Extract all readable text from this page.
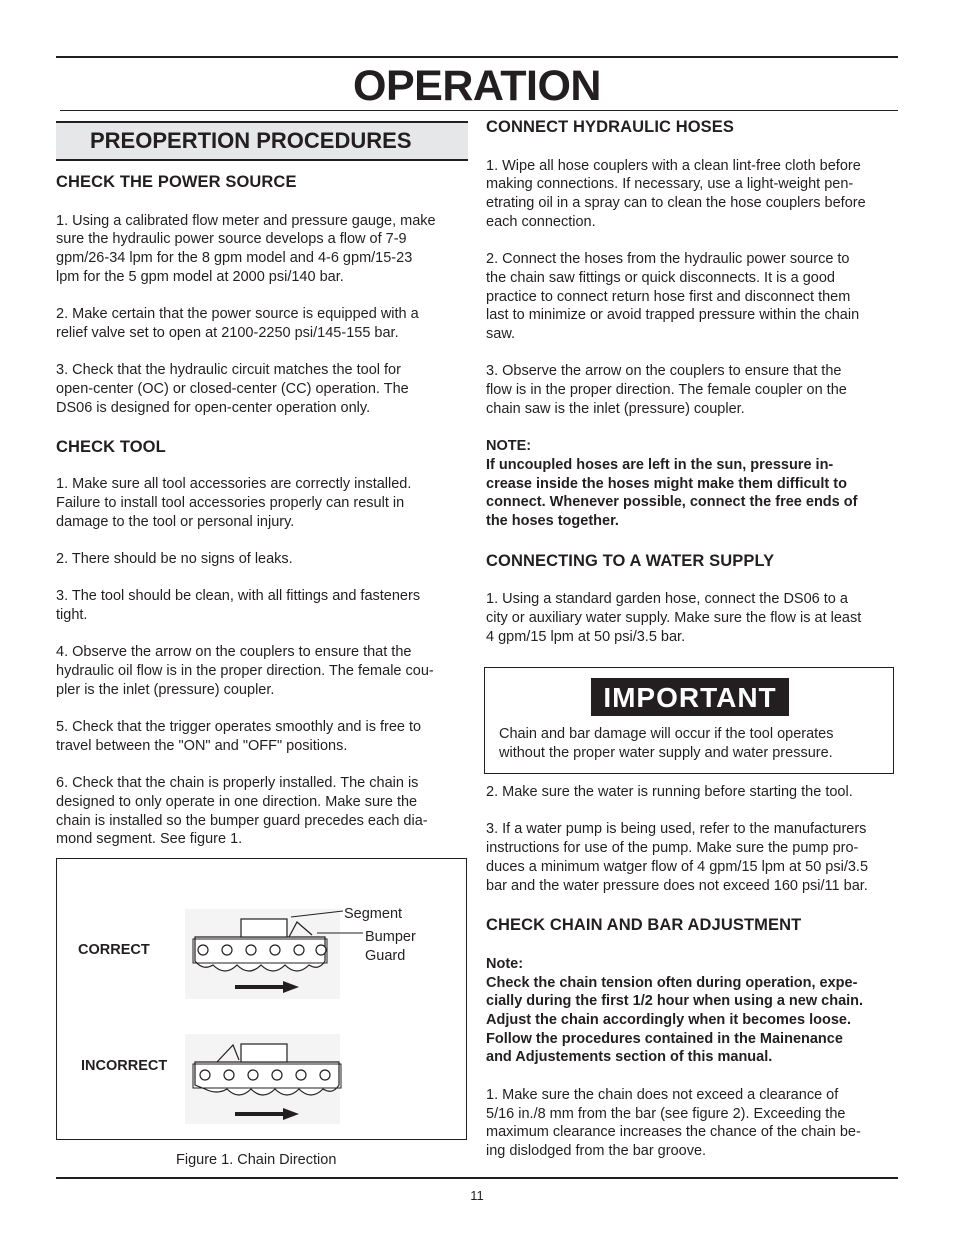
OPERATION
PREOPERTION PROCEDURES
CHECK THE POWER SOURCE

1. Using a calibrated flow meter and pressure gauge, make
sure the hydraulic power source develops a flow of 7-9
gpm/26-34 lpm for the 8 gpm model and 4-6 gpm/15-23
lpm for the 5 gpm model at 2000 psi/140 bar.

2. Make certain that the power source is equipped with a
relief valve set to open at 2100-2250 psi/145-155 bar.

3. Check that the hydraulic circuit matches the tool for
open-center (OC) or closed-center (CC) operation. The
DS06 is designed for open-center operation only.

CHECK TOOL

1. Make sure all tool accessories are correctly installed.
Failure to install tool accessories properly can result in
damage to the tool or personal injury.

2. There should be no signs of leaks.

3. The tool should be clean, with all fittings and fasteners
tight.

4. Observe the arrow on the couplers to ensure that the
hydraulic oil flow is in the proper direction. The female cou-
pler is the inlet (pressure) coupler.

5. Check that the trigger operates smoothly and is free to
travel between the "ON" and "OFF" positions.

6. Check that the chain is properly installed. The chain is
designed to only operate in one direction. Make sure the
chain is installed so the bumper guard precedes each dia-
mond segment. See figure 1.

CORRECT
INCORRECT
Segment
Bumper
Guard
Figure 1. Chain Direction
CONNECT HYDRAULIC HOSES

1. Wipe all hose couplers with a clean lint-free cloth before
making connections. If necessary, use a light-weight pen-
etrating oil in a spray can to clean the hose couplers before
each connection.

2. Connect the hoses from the hydraulic power source to
the chain saw fittings or quick disconnects. It is a good
practice to connect return hose first and disconnect them
last to minimize or avoid trapped pressure within the chain
saw.

3. Observe the arrow on the couplers to ensure that the
flow is in the proper direction. The female coupler on the
chain saw is the inlet (pressure) coupler.

NOTE:
If uncoupled hoses are left in the sun, pressure in-
crease inside the hoses might make them difficult to
connect. Whenever possible, connect the free ends of
the hoses together.

CONNECTING TO A WATER SUPPLY

1. Using a standard garden hose, connect the DS06 to a
city or auxiliary water supply. Make sure the flow is at least
4 gpm/15 lpm at 50 psi/3.5 bar.

IMPORTANT
Chain and bar damage will occur if the tool operates
without the proper water supply and water pressure.

2. Make sure the water is running before starting the tool.

3. If a water pump is being used, refer to the manufacturers
instructions for use of the pump. Make sure the pump pro-
duces a minimum watger flow of 4 gpm/15 lpm at 50 psi/3.5
bar and the water pressure does not exceed 160 psi/11 bar.

CHECK CHAIN AND BAR ADJUSTMENT

Note:
Check the chain tension often during operation, expe-
cially during the first 1/2 hour when using a new chain.
Adjust the chain accordingly when it becomes loose.
Follow the procedures contained in the Mainenance
and Adjustements section of this manual.

1. Make sure the chain does not exceed a clearance of
5/16 in./8 mm from the bar (see figure 2). Exceeding the
maximum clearance increases the chance of the chain be-
ing dislodged from the bar groove.

11
